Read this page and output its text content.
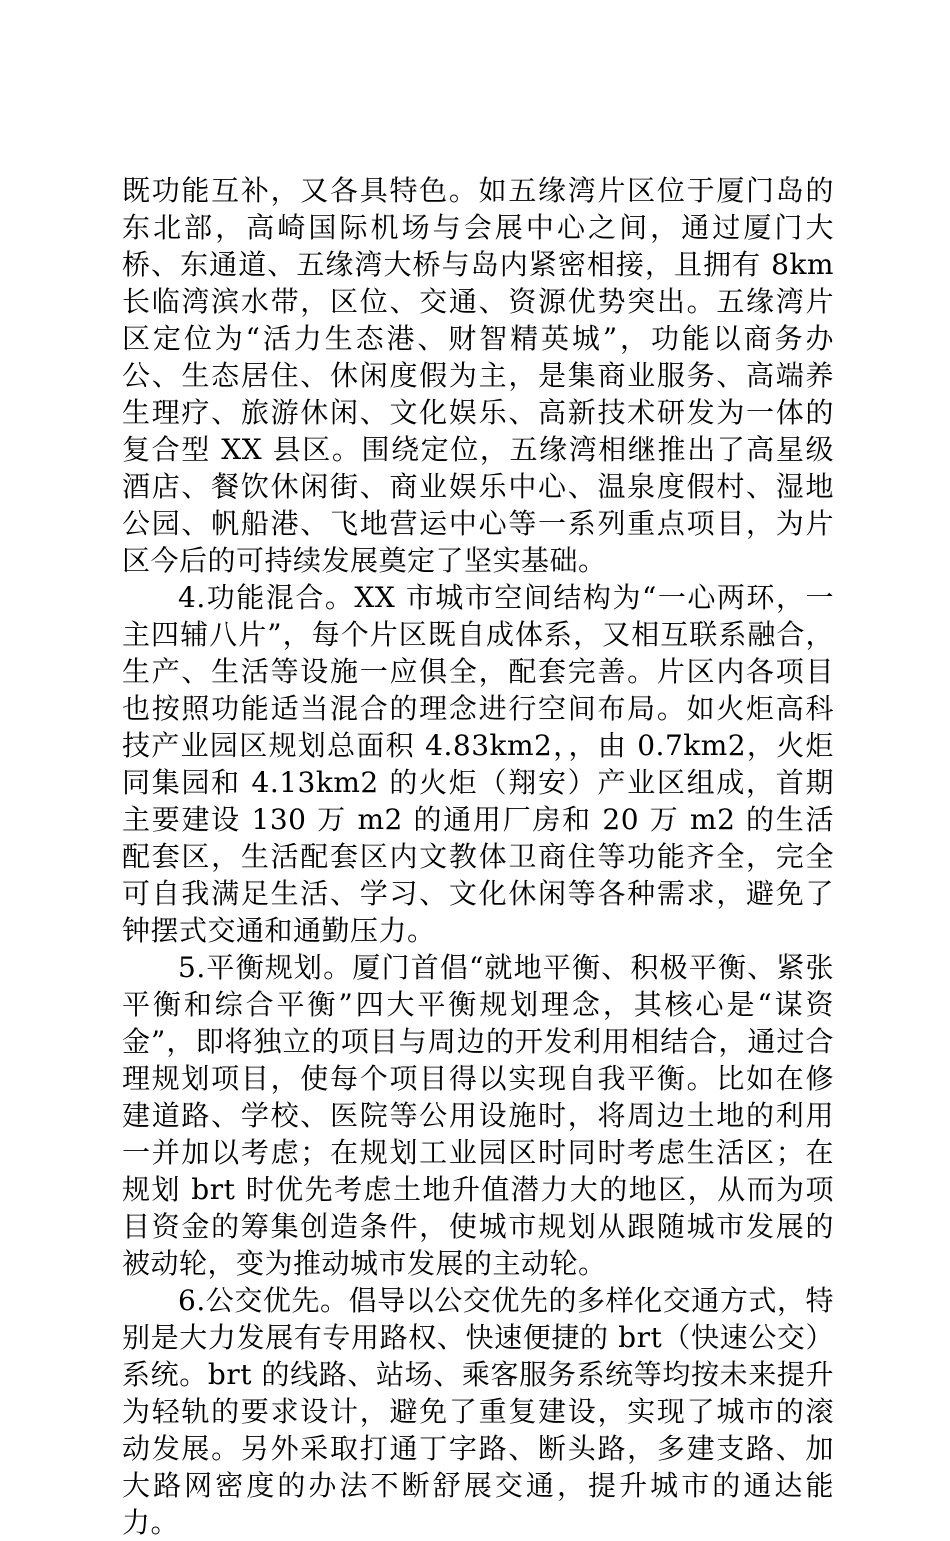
既功能互补，又各具特色。如五缘湾片区位于厦门岛的东北部，高崎国际机场与会展中心之间，通过厦门大桥、东通道、五缘湾大桥与岛内紧密相接，且拥有 8km 长临湾滨水带，区位、交通、资源优势突出。五缘湾片区定位为“活力生态港、财智精英城”，功能以商务办公、生态居住、休闲度假为主，是集商业服务、高端养生理疗、旅游休闲、文化娱乐、高新技术研发为一体的复合型 XX 县区。围绕定位，五缘湾相继推出了高星级酒店、餐饮休闲街、商业娱乐中心、温泉度假村、湿地公园、帆船港、飞地营运中心等一系列重点项目，为片区今后的可持续发展奠定了坚实基础。

4.功能混合。XX 市城市空间结构为“一心两环，一主四辅八片”，每个片区既自成体系，又相互联系融合，生产、生活等设施一应俱全，配套完善。片区内各项目也按照功能适当混合的理念进行空间布局。如火炬高科技产业园区规划总面积 4.83km2，，由 0.7km2，火炬同集园和 4.13km2 的火炬（翔安）产业区组成，首期主要建设 130 万 m2 的通用厂房和 20 万 m2 的生活配套区，生活配套区内文教体卫商住等功能齐全，完全可自我满足生活、学习、文化休闲等各种需求，避免了钟摆式交通和通勤压力。

5.平衡规划。厦门首倡“就地平衡、积极平衡、紧张平衡和综合平衡”四大平衡规划理念，其核心是“谋资金”，即将独立的项目与周边的开发利用相结合，通过合理规划项目，使每个项目得以实现自我平衡。比如在修建道路、学校、医院等公用设施时，将周边土地的利用一并加以考虑；在规划工业园区时同时考虑生活区；在规划 brt 时优先考虑土地升值潜力大的地区，从而为项目资金的筹集创造条件，使城市规划从跟随城市发展的被动轮，变为推动城市发展的主动轮。

6.公交优先。倡导以公交优先的多样化交通方式，特别是大力发展有专用路权、快速便捷的 brt（快速公交）系统。brt 的线路、站场、乘客服务系统等均按未来提升为轻轨的要求设计，避免了重复建设，实现了城市的滚动发展。另外采取打通丁字路、断头路，多建支路、加大路网密度的办法不断舒展交通，提升城市的通达能力。
